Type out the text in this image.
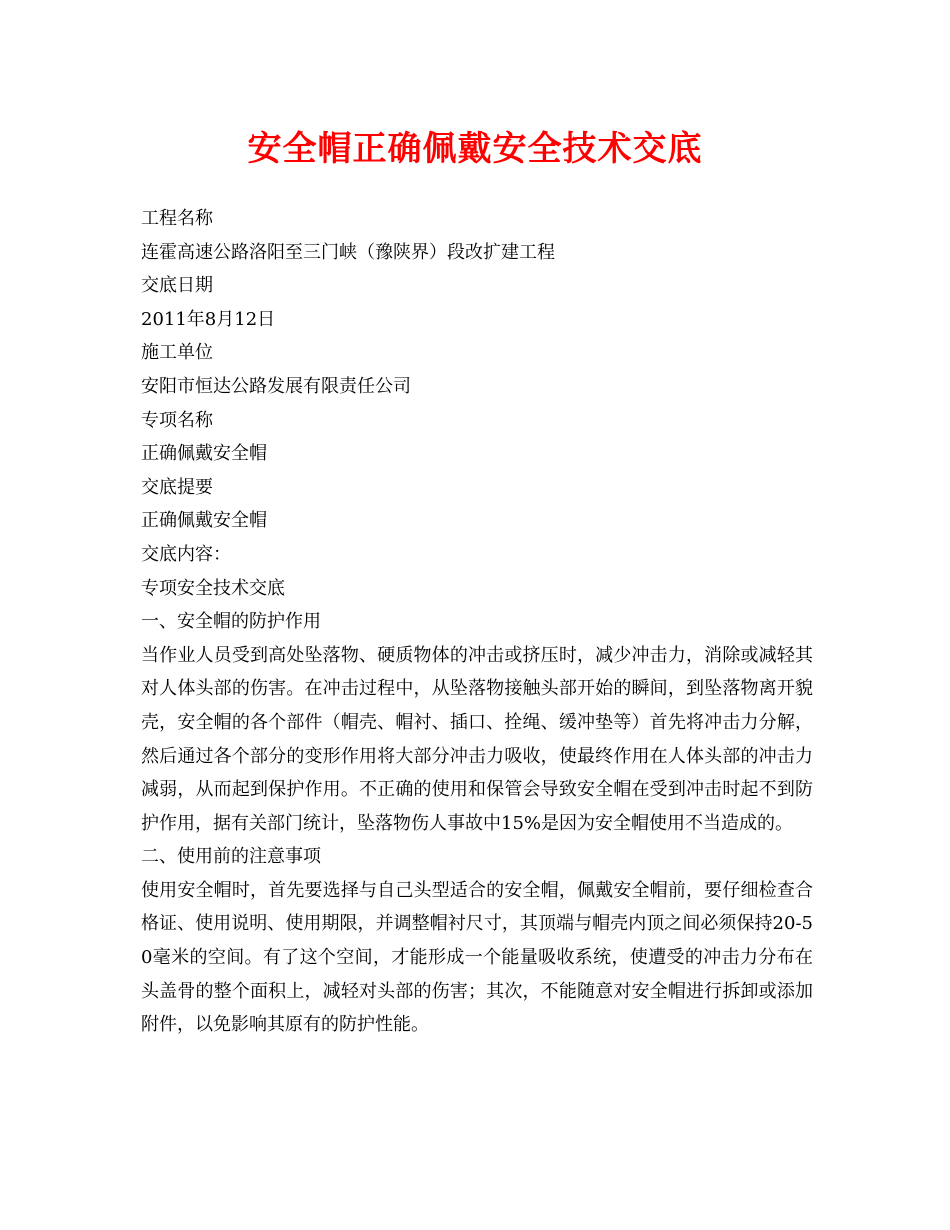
安全帽正确佩戴安全技术交底
工程名称
连霍高速公路洛阳至三门峡（豫陕界）段改扩建工程
交底日期
2011年8月12日
施工单位
安阳市恒达公路发展有限责任公司
专项名称
正确佩戴安全帽
交底提要
正确佩戴安全帽
交底内容：
专项安全技术交底
一、安全帽的防护作用
当作业人员受到高处坠落物、硬质物体的冲击或挤压时，减少冲击力，消除或减轻其对人体头部的伤害。在冲击过程中，从坠落物接触头部开始的瞬间，到坠落物离开貌壳，安全帽的各个部件（帽壳、帽衬、插口、拴绳、缓冲垫等）首先将冲击力分解，然后通过各个部分的变形作用将大部分冲击力吸收，使最终作用在人体头部的冲击力减弱，从而起到保护作用。不正确的使用和保管会导致安全帽在受到冲击时起不到防护作用，据有关部门统计，坠落物伤人事故中15%是因为安全帽使用不当造成的。
二、使用前的注意事项
使用安全帽时，首先要选择与自己头型适合的安全帽，佩戴安全帽前，要仔细检查合格证、使用说明、使用期限，并调整帽衬尺寸，其顶端与帽壳内顶之间必须保持20-50毫米的空间。有了这个空间，才能形成一个能量吸收系统，使遭受的冲击力分布在头盖骨的整个面积上，减轻对头部的伤害；其次，不能随意对安全帽进行拆卸或添加附件，以免影响其原有的防护性能。
